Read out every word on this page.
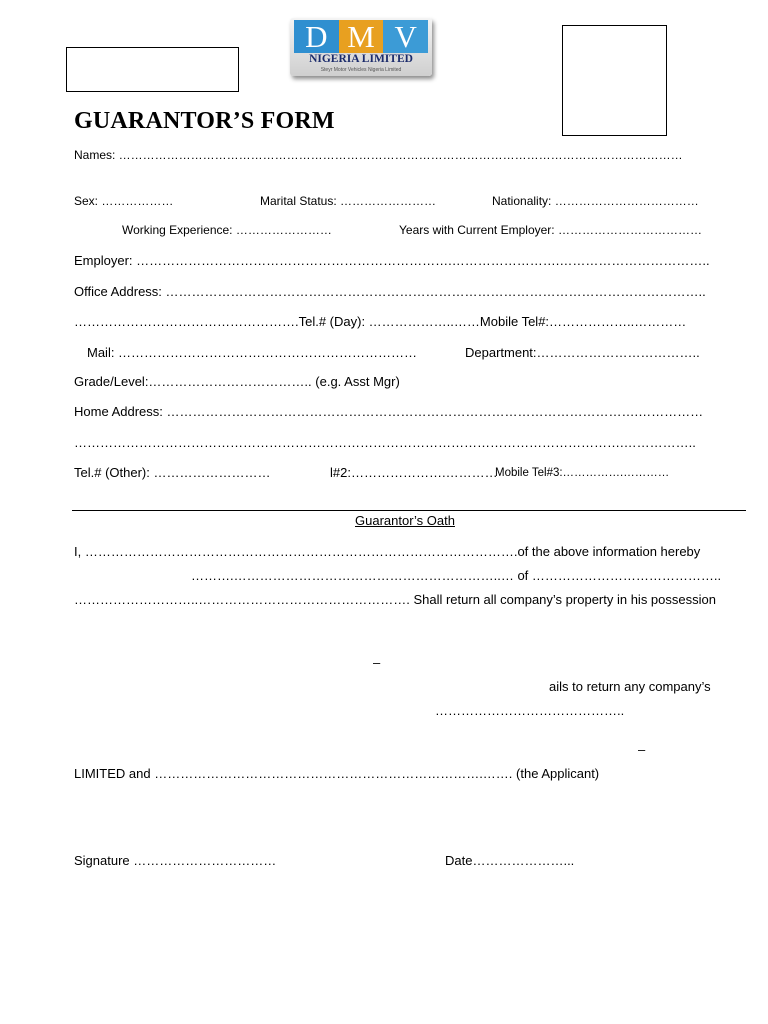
D M V
NIGERIA LIMITED
Steyr Motor Vehicles Nigeria Limited
GUARANTOR’S FORM
Names: ……………………………………………………………………………………………………………………………
Sex: ………………	Marital Status: ……………………	Nationality: ………………………………
Working Experience: ……………………	Years with Current Employer: ………………………………
Employer: ……………………………………………………………….…………………….……………………………..
Office Address: ……………………………………………………………………………………………………………..
…………………………………………….Tel.# (Day): ………………..……Mobile Tel#:………………..…………
Mail: ……………………………………………………………	Department:………………………………..
Grade/Level:……………………………….. (e.g. Asst Mgr)
Home Address: ……………………………………………………………………………………………….……………
……………………………………………………………………………………………………………….……………..
Tel.# (Other): ………………………	l#2:………………….…………
Mobile Tel#3:…………….…………
Guarantor’s Oath
I, ……………………………………………………………………………………….of the above information hereby
……….……………………………………………………..… of ……………………………………..
………………………..…………………………………………. Shall return all company’s property in his possession
–
ails to return any company’s
……………………………………..
–
LIMITED and ………………………………………………………………….……. (the Applicant)
Signature ……………………………	Date…………………...
